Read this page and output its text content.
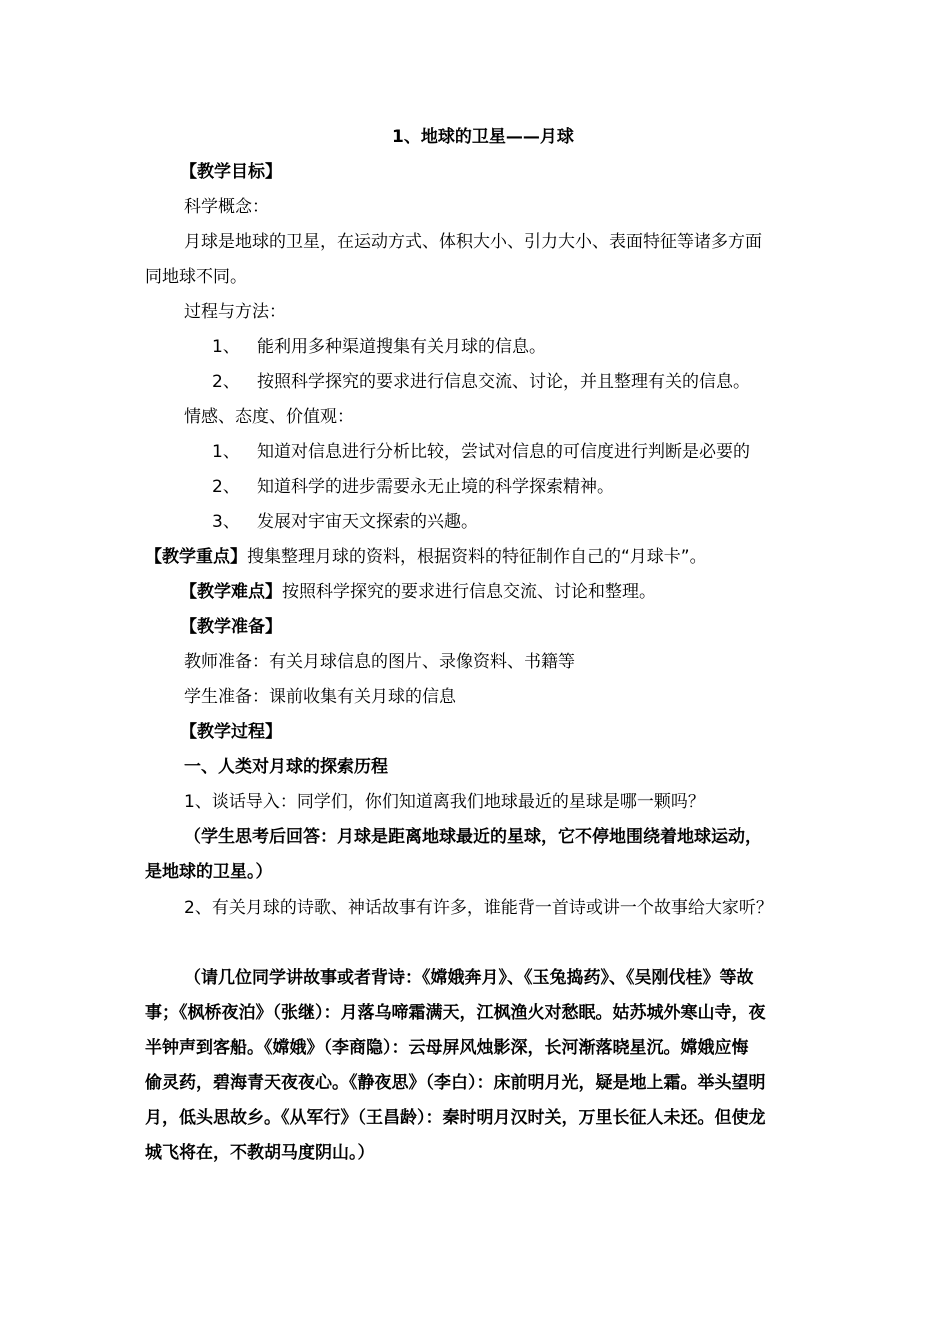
1、地球的卫星——月球
【教学目标】
科学概念：
月球是地球的卫星，在运动方式、体积大小、引力大小、表面特征等诸多方面
同地球不同。
过程与方法：
1、 能利用多种渠道搜集有关月球的信息。
2、 按照科学探究的要求进行信息交流、讨论，并且整理有关的信息。
情感、态度、价值观：
1、 知道对信息进行分析比较，尝试对信息的可信度进行判断是必要的
2、 知道科学的进步需要永无止境的科学探索精神。
3、 发展对宇宙天文探索的兴趣。
【教学重点】搜集整理月球的资料，根据资料的特征制作自己的“月球卡”。
【教学难点】按照科学探究的要求进行信息交流、讨论和整理。
【教学准备】
教师准备：有关月球信息的图片、录像资料、书籍等
学生准备：课前收集有关月球的信息
【教学过程】
一、人类对月球的探索历程
1、谈话导入：同学们，你们知道离我们地球最近的星球是哪一颗吗？
（学生思考后回答：月球是距离地球最近的星球，它不停地围绕着地球运动，
是地球的卫星。）
2、有关月球的诗歌、神话故事有许多，谁能背一首诗或讲一个故事给大家听？
（请几位同学讲故事或者背诗：《嫦娥奔月》、《玉兔捣药》、《吴刚伐桂》等故
事；《枫桥夜泊》（张继）：月落乌啼霜满天，江枫渔火对愁眠。姑苏城外寒山寺，夜
半钟声到客船。《嫦娥》（李商隐）：云母屏风烛影深，长河渐落晓星沉。嫦娥应悔
偷灵药，碧海青天夜夜心。《静夜思》（李白）：床前明月光，疑是地上霜。举头望明
月，低头思故乡。《从军行》（王昌龄）：秦时明月汉时关，万里长征人未还。但使龙
城飞将在，不教胡马度阴山。）
